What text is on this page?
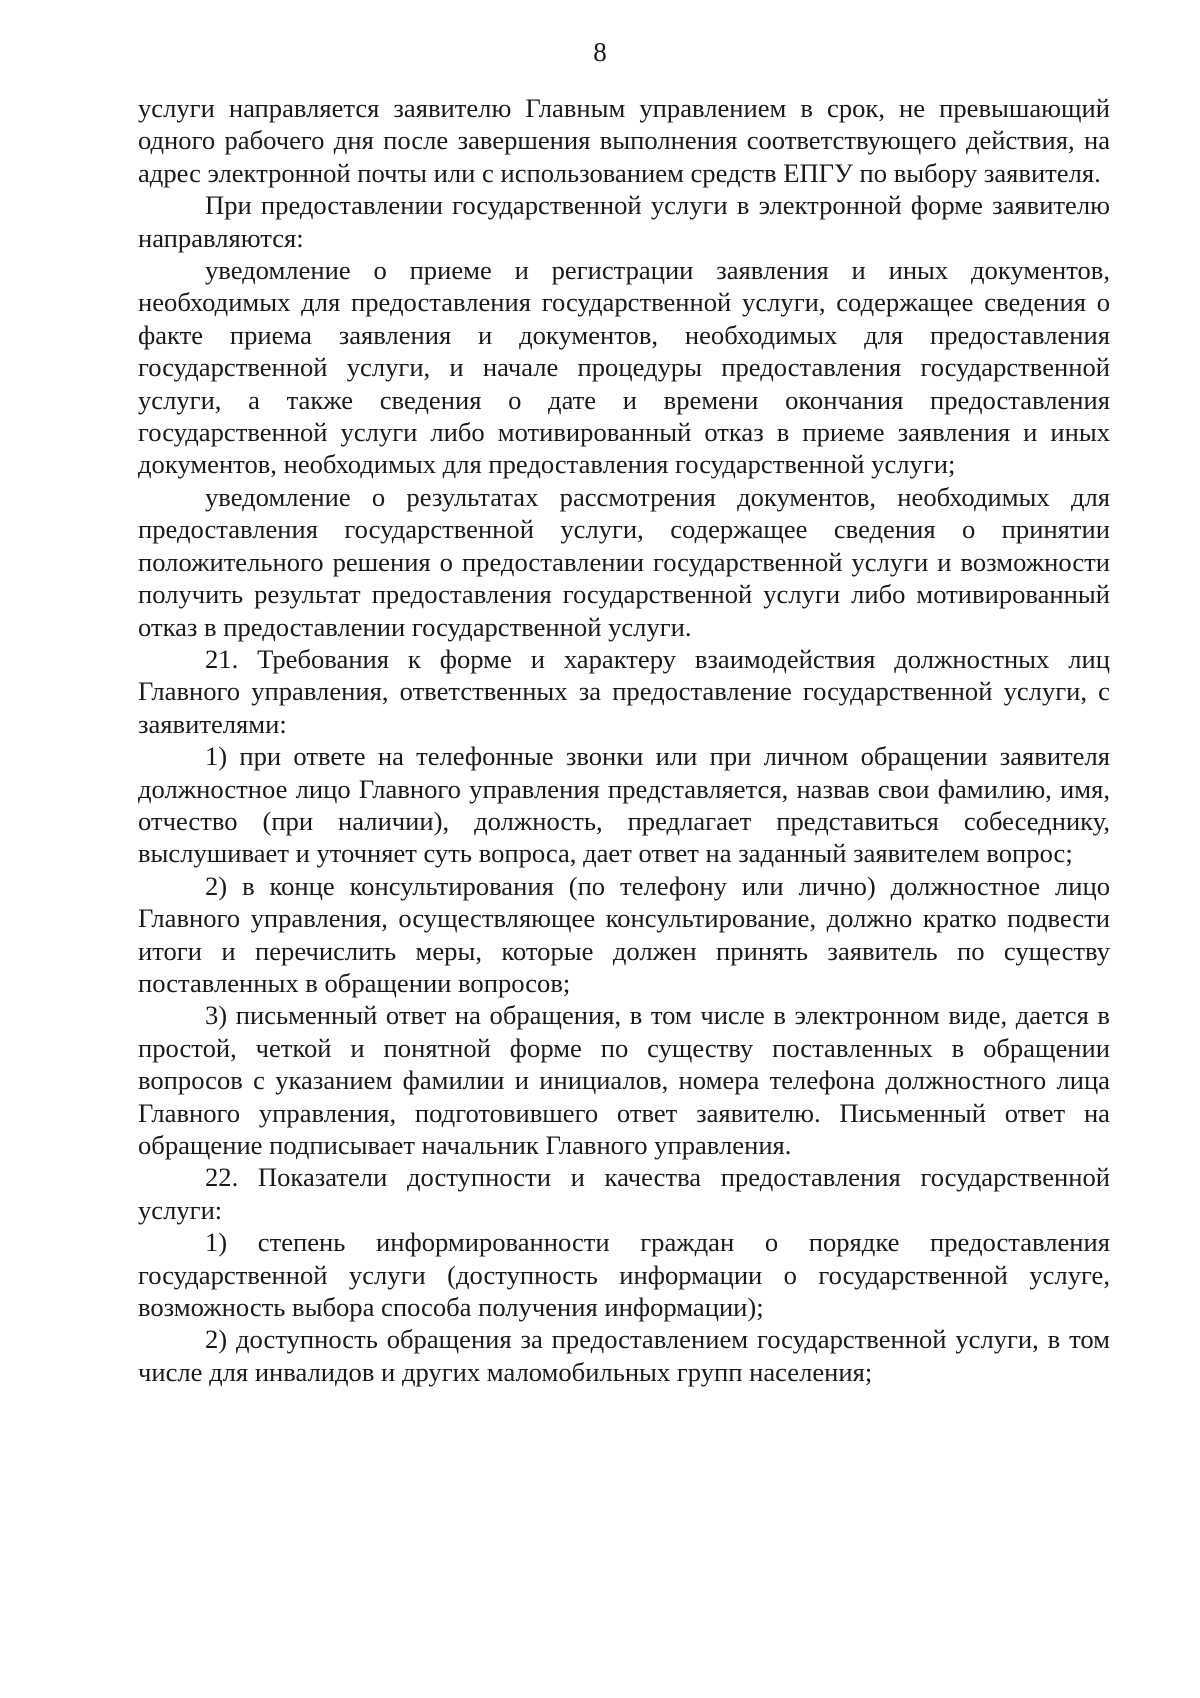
8

услуги направляется заявителю Главным управлением в срок, не превышающий одного рабочего дня после завершения выполнения соответствующего действия, на адрес электронной почты или с использованием средств ЕПГУ по выбору заявителя.

При предоставлении государственной услуги в электронной форме заявителю направляются:

уведомление о приеме и регистрации заявления и иных документов, необходимых для предоставления государственной услуги, содержащее сведения о факте приема заявления и документов, необходимых для предоставления государственной услуги, и начале процедуры предоставления государственной услуги, а также сведения о дате и времени окончания предоставления государственной услуги либо мотивированный отказ в приеме заявления и иных документов, необходимых для предоставления государственной услуги;

уведомление о результатах рассмотрения документов, необходимых для предоставления государственной услуги, содержащее сведения о принятии положительного решения о предоставлении государственной услуги и возможности получить результат предоставления государственной услуги либо мотивированный отказ в предоставлении государственной услуги.

21. Требования к форме и характеру взаимодействия должностных лиц Главного управления, ответственных за предоставление государственной услуги, с заявителями:

1) при ответе на телефонные звонки или при личном обращении заявителя должностное лицо Главного управления представляется, назвав свои фамилию, имя, отчество (при наличии), должность, предлагает представиться собеседнику, выслушивает и уточняет суть вопроса, дает ответ на заданный заявителем вопрос;

2) в конце консультирования (по телефону или лично) должностное лицо Главного управления, осуществляющее консультирование, должно кратко подвести итоги и перечислить меры, которые должен принять заявитель по существу поставленных в обращении вопросов;

3) письменный ответ на обращения, в том числе в электронном виде, дается в простой, четкой и понятной форме по существу поставленных в обращении вопросов с указанием фамилии и инициалов, номера телефона должностного лица Главного управления, подготовившего ответ заявителю. Письменный ответ на обращение подписывает начальник Главного управления.

22. Показатели доступности и качества предоставления государственной услуги:

1) степень информированности граждан о порядке предоставления государственной услуги (доступность информации о государственной услуге, возможность выбора способа получения информации);

2) доступность обращения за предоставлением государственной услуги, в том числе для инвалидов и других маломобильных групп населения;
